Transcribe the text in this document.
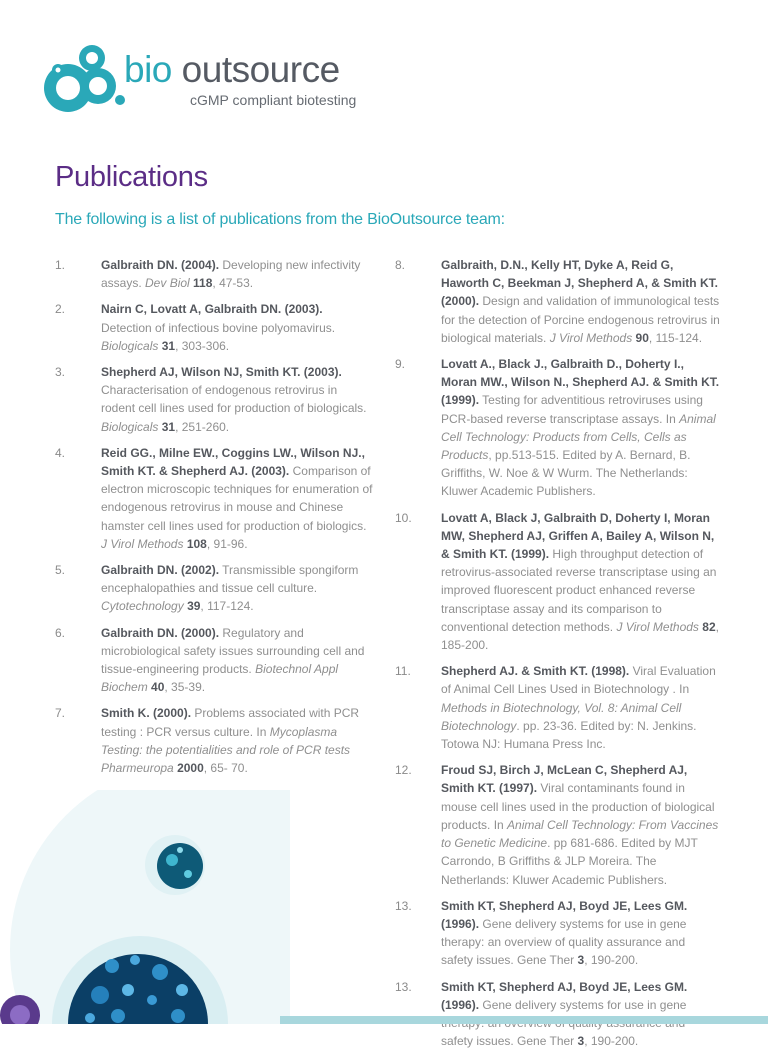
bio outsource
cGMP compliant biotesting
Publications
The following is a list of publications from the BioOutsource team:
1.	Galbraith DN. (2004). Developing new infectivity assays. Dev Biol 118, 47-53.
2.	Nairn C, Lovatt A, Galbraith DN. (2003). Detection of infectious bovine polyomavirus. Biologicals 31, 303-306.
3.	Shepherd AJ, Wilson NJ, Smith KT. (2003). Characterisation of endogenous retrovirus in rodent cell lines used for production of biologicals. Biologicals 31, 251-260.
4.	Reid GG., Milne EW., Coggins LW., Wilson NJ., Smith KT. & Shepherd AJ. (2003). Comparison of electron microscopic techniques for enumeration of endogenous retrovirus in mouse and Chinese hamster cell lines used for production of biologics. J Virol Methods 108, 91-96.
5.	Galbraith DN. (2002). Transmissible spongiform encephalopathies and tissue cell culture. Cytotechnology 39, 117-124.
6.	Galbraith DN. (2000). Regulatory and microbiological safety issues surrounding cell and tissue-engineering products. Biotechnol Appl Biochem 40, 35-39.
7.	Smith K. (2000). Problems associated with PCR testing : PCR versus culture. In Mycoplasma Testing: the potentialities and role of PCR tests Pharmeuropa 2000, 65- 70.
8.	Galbraith, D.N., Kelly HT, Dyke A, Reid G, Haworth C, Beekman J, Shepherd A, & Smith KT. (2000). Design and validation of immunological tests for the detection of Porcine endogenous retrovirus in biological materials. J Virol Methods 90, 115-124.
9.	Lovatt A., Black J., Galbraith D., Doherty I., Moran MW., Wilson N., Shepherd AJ. & Smith KT. (1999). Testing for adventitious retroviruses using PCR-based reverse transcriptase assays. In Animal Cell Technology: Products from Cells, Cells as Products, pp.513-515. Edited by A. Bernard, B. Griffiths, W. Noe & W Wurm. The Netherlands: Kluwer Academic Publishers.
10.	Lovatt A, Black J, Galbraith D, Doherty I, Moran MW, Shepherd AJ, Griffen A, Bailey A, Wilson N, & Smith KT. (1999). High throughput detection of retrovirus-associated reverse transcriptase using an improved fluorescent product enhanced reverse transcriptase assay and its comparison to conventional detection methods. J Virol Methods 82, 185-200.
11.	Shepherd AJ. & Smith KT. (1998). Viral Evaluation of Animal Cell Lines Used in Biotechnology . In Methods in Biotechnology, Vol. 8: Animal Cell Biotechnology. pp. 23-36. Edited by: N. Jenkins. Totowa NJ: Humana Press Inc.
12.	Froud SJ, Birch J, McLean C, Shepherd AJ, Smith KT. (1997). Viral contaminants found in mouse cell lines used in the production of biological products. In Animal Cell Technology: From Vaccines to Genetic Medicine. pp 681-686. Edited by MJT Carrondo, B Griffiths & JLP Moreira. The Netherlands: Kluwer Academic Publishers.
13.	Smith KT, Shepherd AJ, Boyd JE, Lees GM.(1996). Gene delivery systems for use in gene therapy: an overview of quality assurance and safety issues. Gene Ther 3, 190-200.
13.	Smith KT, Shepherd AJ, Boyd JE, Lees GM.(1996). Gene delivery systems for use in gene safety issues. Gene Ther 3, 190-200.
